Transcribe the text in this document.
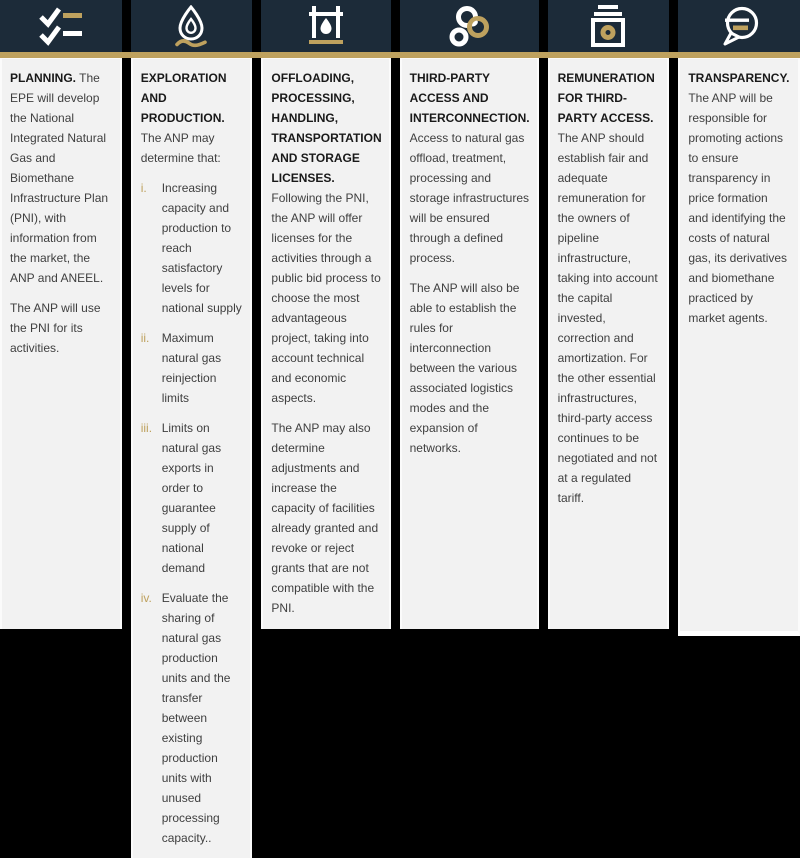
PLANNING. The EPE will develop the National Integrated Natural Gas and Biomethane Infrastructure Plan (PNI), with information from the market, the ANP and ANEEL.

The ANP will use the PNI for its activities.

EXPLORATION AND PRODUCTION. The ANP may determine that:

i.	Increasing capacity and production to reach satisfactory levels for national supply
ii.	Maximum natural gas reinjection limits
iii. Limits on natural gas exports in order to guarantee supply of national demand
iv. Evaluate the sharing of natural gas production units and the transfer between existing production units with unused processing capacity..

OFFLOADING, PROCESSING, HANDLING, TRANSPORTATION AND STORAGE LICENSES. Following the PNI, the ANP will offer licenses for the activities through a public bid process to choose the most advantageous project, taking into account technical and economic aspects.

The ANP may also determine adjustments and increase the capacity of facilities already granted and revoke or reject grants that are not compatible with the PNI.

THIRD-PARTY ACCESS AND INTERCONNECTION. Access to natural gas offload, treatment, processing and storage infrastructures will be ensured through a defined process.

The ANP will also be able to establish the rules for interconnection between the various associated logistics modes and the expansion of networks.

REMUNERATION FOR THIRD-PARTY ACCESS. The ANP should establish fair and adequate remuneration for the owners of pipeline infrastructure, taking into account the capital invested, correction and amortization. For the other essential infrastructures, third-party access continues to be negotiated and not at a regulated tariff.

TRANSPARENCY. The ANP will be responsible for promoting actions to ensure transparency in price formation and identifying the costs of natural gas, its derivatives and biomethane practiced by market agents.
